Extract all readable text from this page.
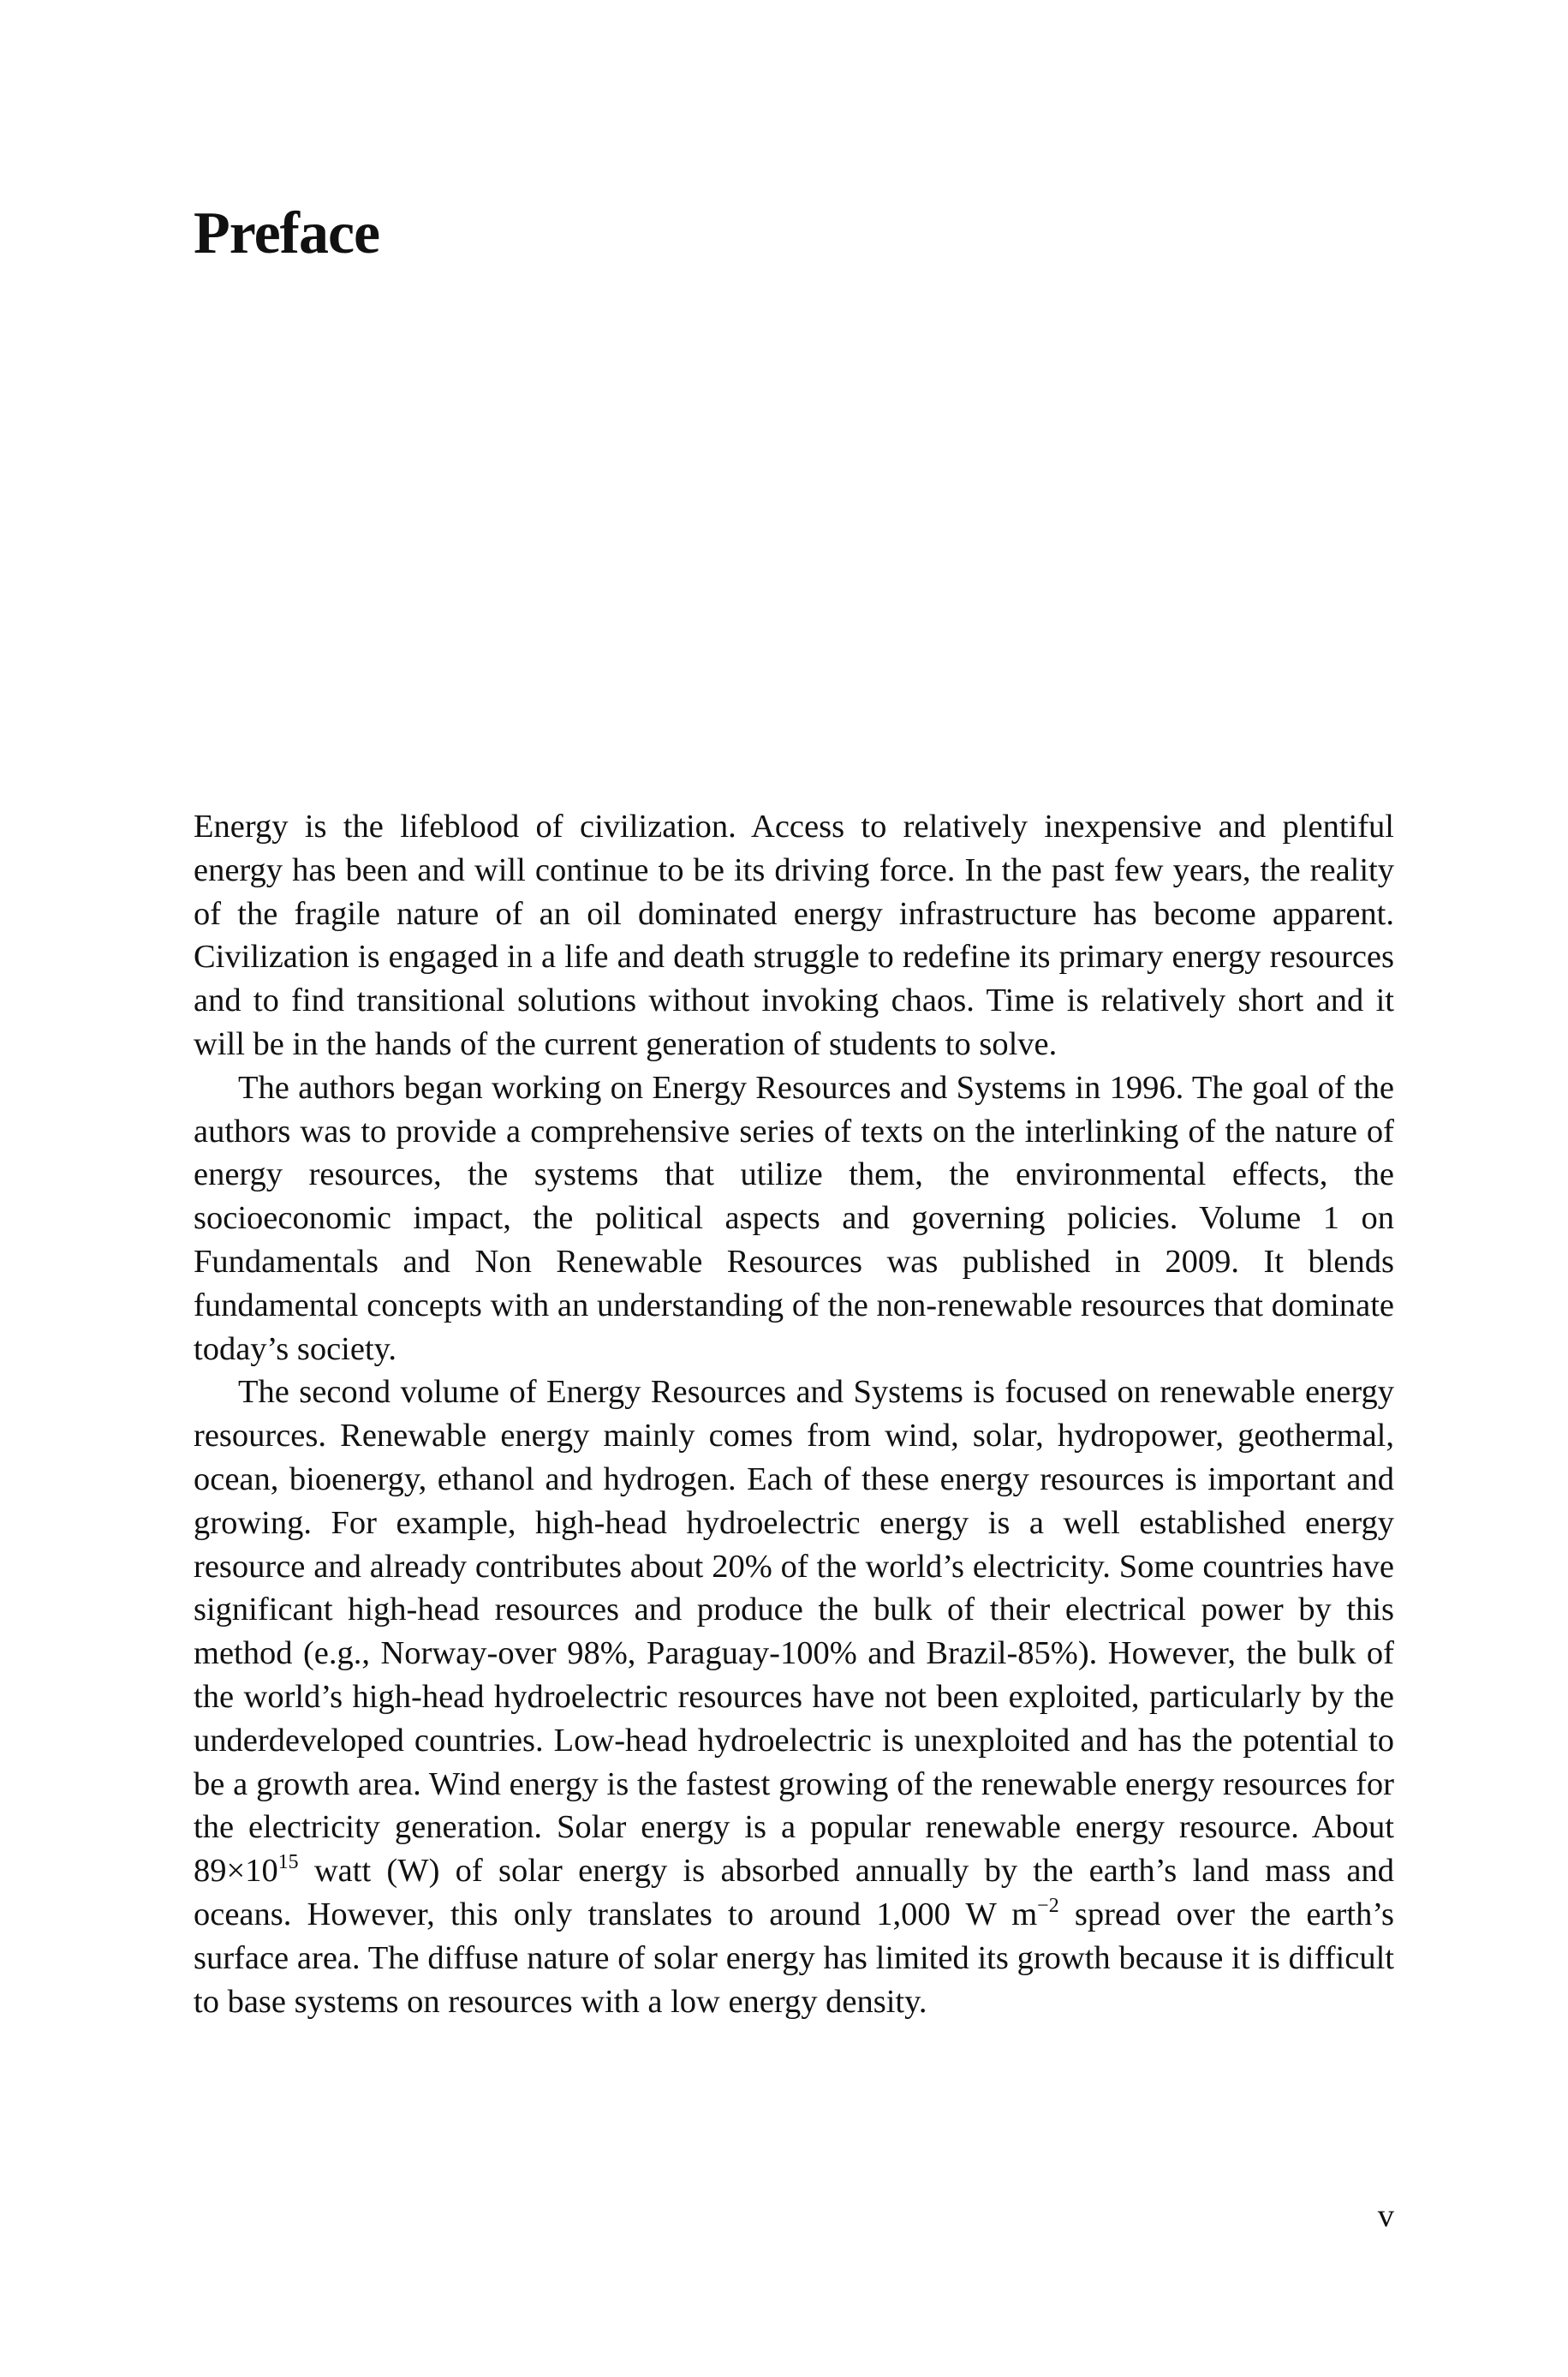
Preface

Energy is the lifeblood of civilization. Access to relatively inexpensive and plentiful energy has been and will continue to be its driving force. In the past few years, the reality of the fragile nature of an oil dominated energy infrastructure has become apparent. Civilization is engaged in a life and death struggle to redefine its primary energy resources and to find transitional solutions without invoking chaos. Time is relatively short and it will be in the hands of the current generation of students to solve.

The authors began working on Energy Resources and Systems in 1996. The goal of the authors was to provide a comprehensive series of texts on the interlinking of the nature of energy resources, the systems that utilize them, the environmental effects, the socioeconomic impact, the political aspects and governing policies. Volume 1 on Fundamentals and Non Renewable Resources was published in 2009. It blends fundamental concepts with an understanding of the non-renewable resources that dominate today’s society.

The second volume of Energy Resources and Systems is focused on renewable energy resources. Renewable energy mainly comes from wind, solar, hydropower, geothermal, ocean, bioenergy, ethanol and hydrogen. Each of these energy resources is important and growing. For example, high-head hydroelectric energy is a well established energy resource and already contributes about 20% of the world’s electricity. Some countries have significant high-head resources and produce the bulk of their electrical power by this method (e.g., Norway-over 98%, Paraguay-100% and Brazil-85%). However, the bulk of the world’s high-head hydroelectric resources have not been exploited, particularly by the underdeveloped countries. Low-head hydroelectric is unexploited and has the potential to be a growth area. Wind energy is the fastest growing of the renewable energy resources for the electricity generation. Solar energy is a popular renewable energy resource. About $89\times 10^{15}$ watt (W) of solar energy is absorbed annually by the earth’s land mass and oceans. However, this only translates to around 1,000 W $m^{-2}$ spread over the earth’s surface area. The diffuse nature of solar energy has limited its growth because it is difficult to base systems on resources with a low energy density.

v
